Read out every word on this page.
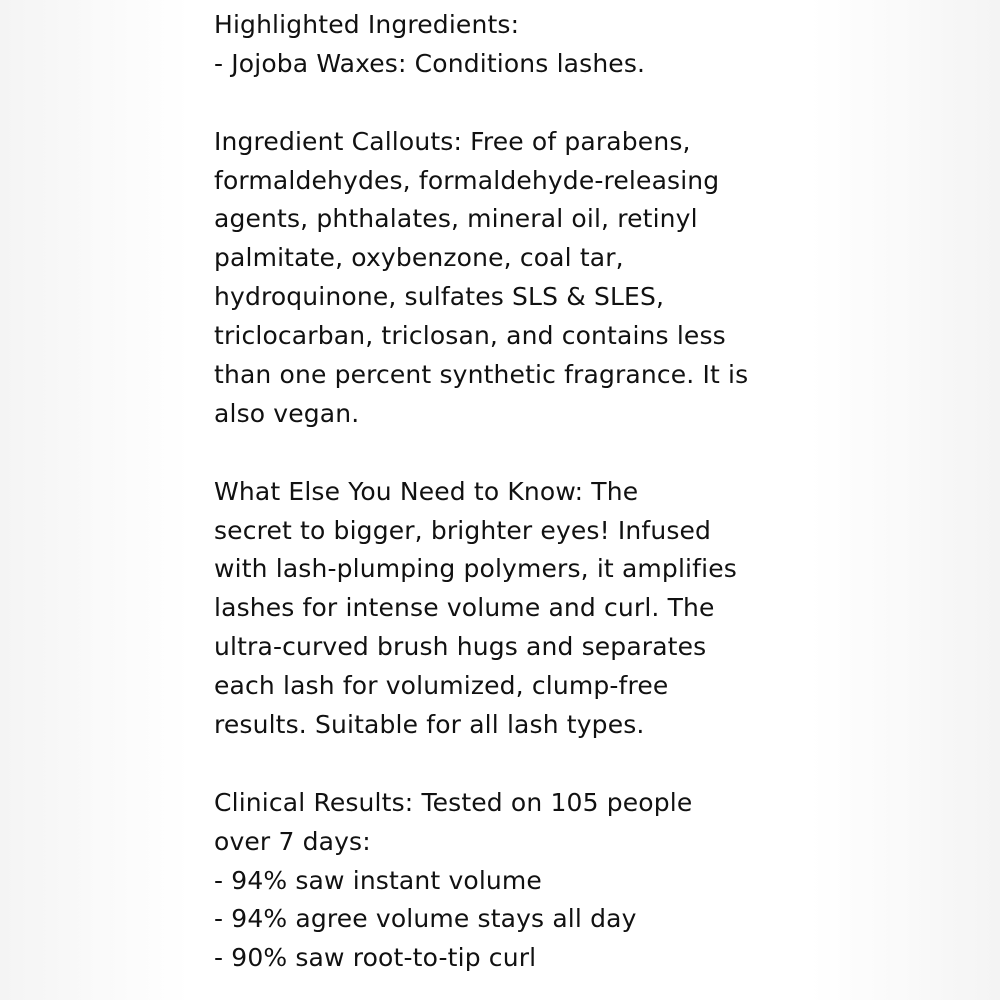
Highlighted Ingredients:
- Jojoba Waxes: Conditions lashes.
Ingredient Callouts: Free of parabens,
formaldehydes, formaldehyde-releasing
agents, phthalates, mineral oil, retinyl
palmitate, oxybenzone, coal tar,
hydroquinone, sulfates SLS & SLES,
triclocarban, triclosan, and contains less
than one percent synthetic fragrance. It is
also vegan.
What Else You Need to Know: The
secret to bigger, brighter eyes! Infused
with lash-plumping polymers, it amplifies
lashes for intense volume and curl. The
ultra-curved brush hugs and separates
each lash for volumized, clump-free
results. Suitable for all lash types.
Clinical Results: Tested on 105 people
over 7 days:
- 94% saw instant volume
- 94% agree volume stays all day
- 90% saw root-to-tip curl
